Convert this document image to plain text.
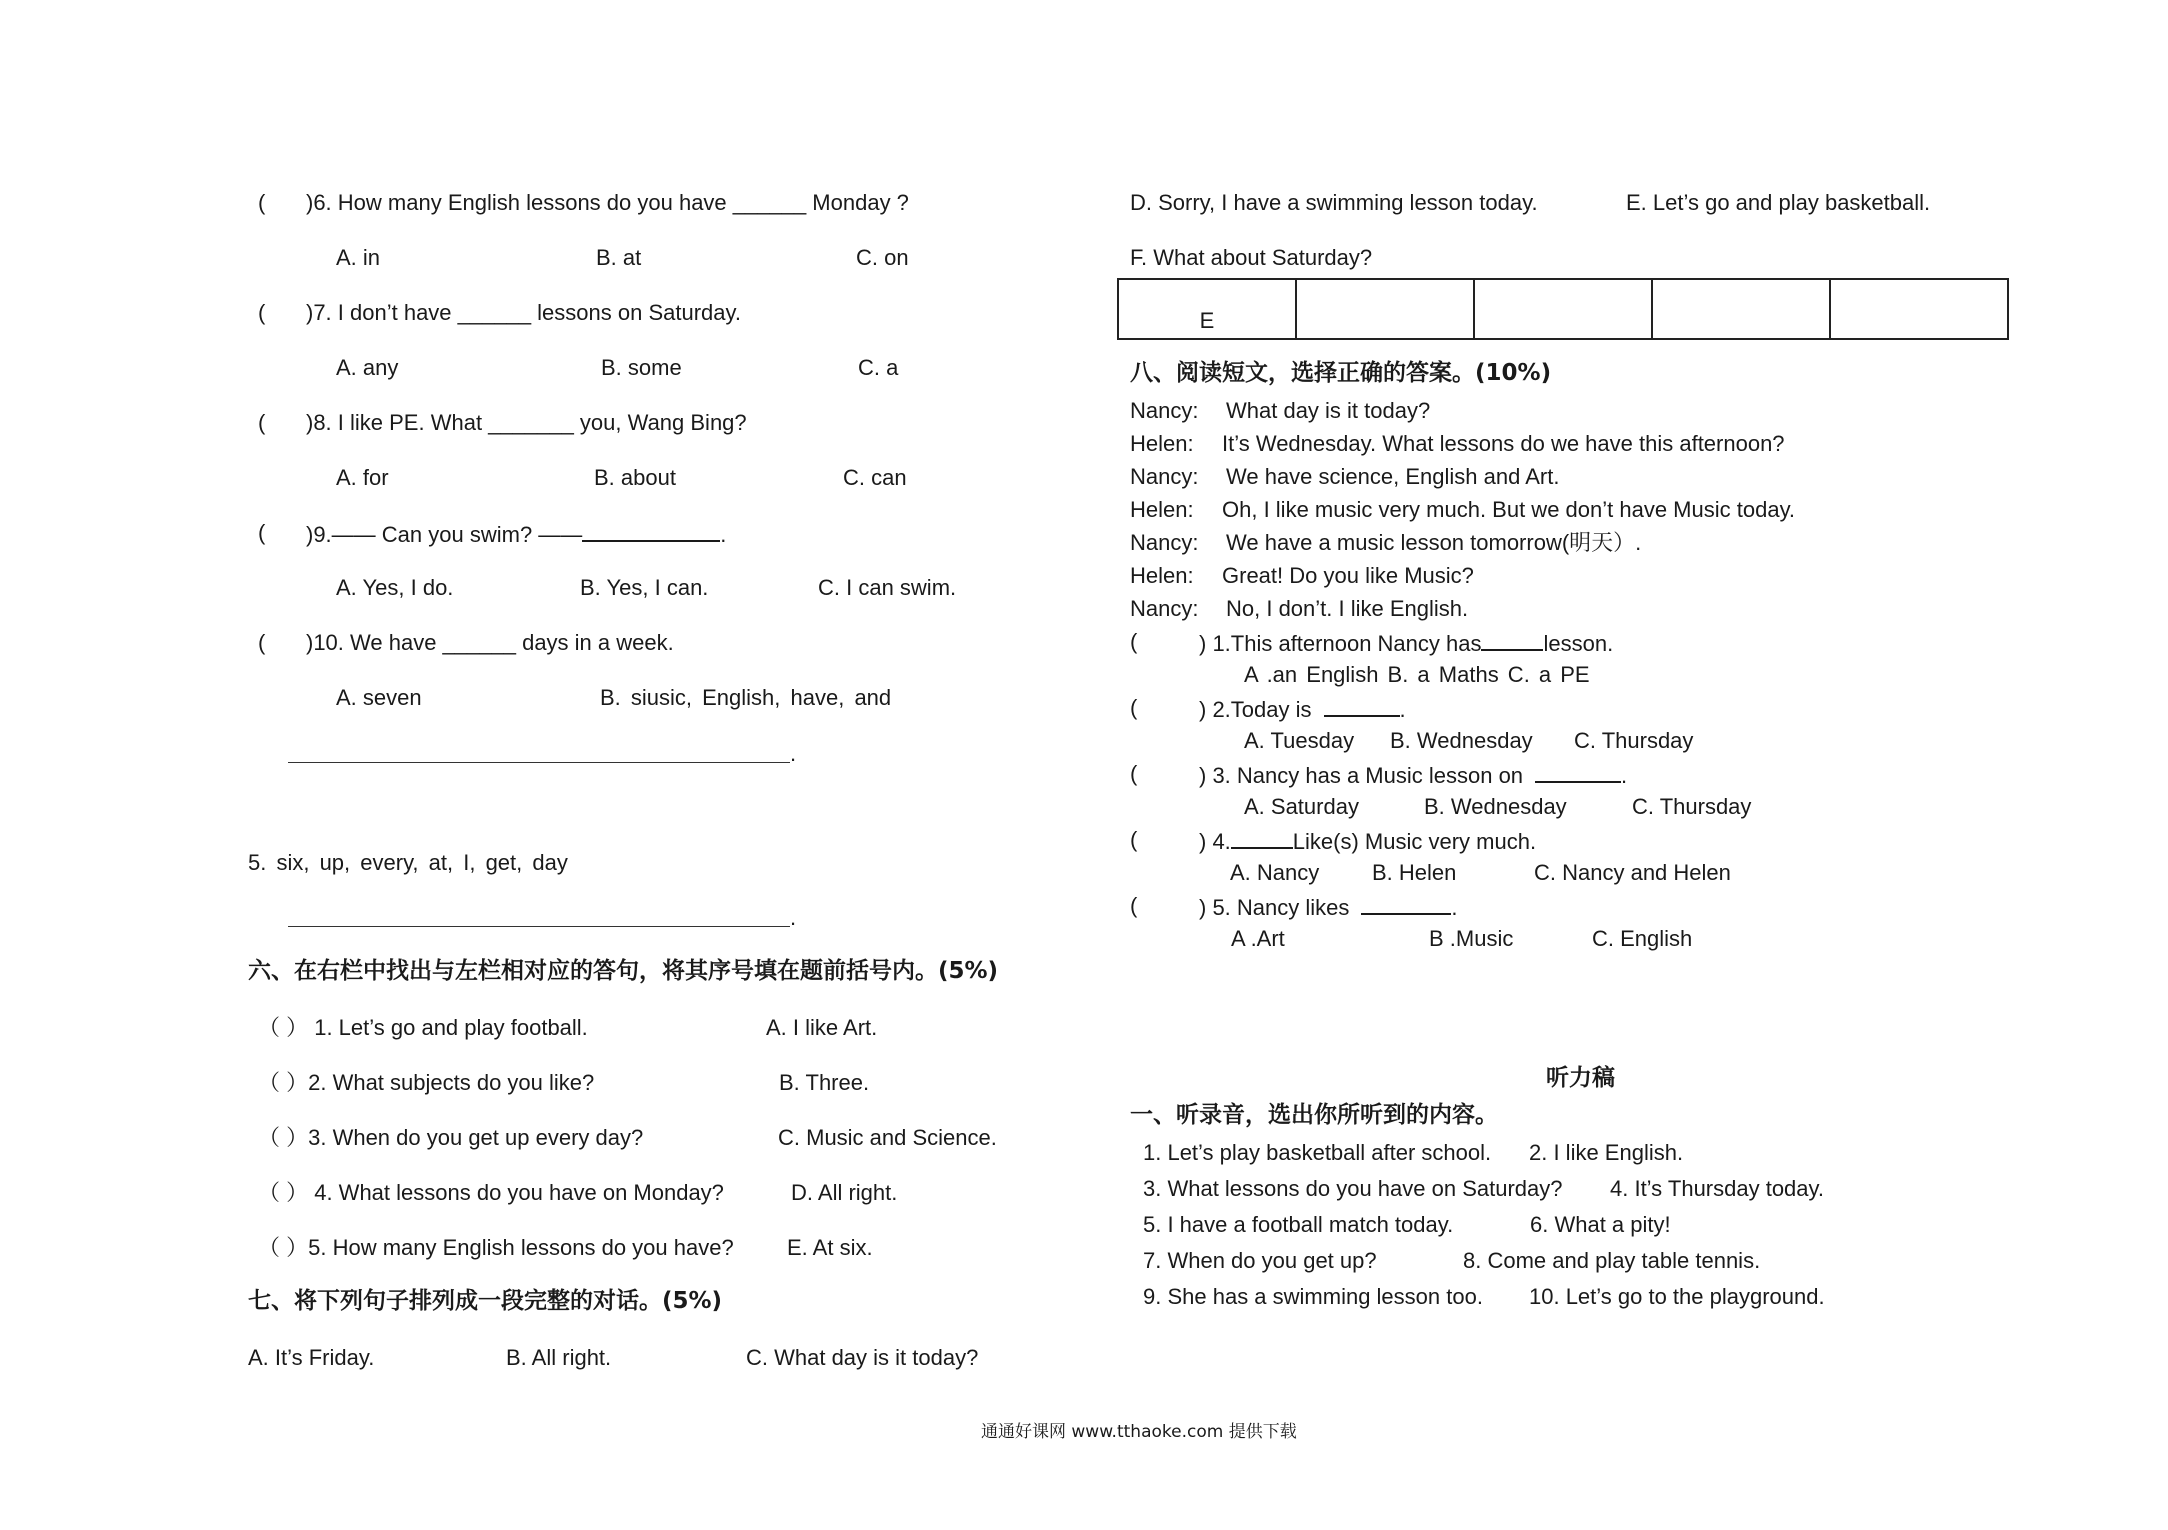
( )6. How many English lessons do you have ______ Monday ?
A. in	B. at	C. on
( )7. I don’t have ______ lessons on Saturday.
A. any	B. some	C. a
( )8. I like PE. What _______ you, Wang Bing?
A. for	B. about	C. can
( )9.—— Can you swim? ——	.
A. Yes, I do.	B. Yes, I can.	C. I can swim.
( )10. We have ______ days in a week.
A. seven	B. siusic, English, have, and
.
5. six, up, every, at, I, get, day
.
六、在右栏中找出与左栏相对应的答句，将其序号填在题前括号内。(5%)
（ ） 1. Let’s go and play football.	A. I like Art.
（ ）2. What subjects do you like?	B. Three.
（ ）3. When do you get up every day?	C. Music and Science.
（ ） 4. What lessons do you have on Monday?	D. All right.
（ ）5. How many English lessons do you have? E. At six.
七、将下列句子排列成一段完整的对话。(5%)
A. It’s Friday.	B. All right.	C. What day is it today?
D. Sorry, I have a swimming lesson today.	E. Let’s go and play basketball.
F. What about Saturday?
E				
八、阅读短文，选择正确的答案。(10%)
Nancy: What day is it today?
Helen: It’s Wednesday. What lessons do we have this afternoon?
Nancy: We have science, English and Art.
Helen: Oh, I like music very much. But we don’t have Music today.
Nancy: We have a music lesson tomorrow(明天）.
Helen: Great! Do you like Music?
Nancy: No, I don’t. I like English.
(	) 1.This afternoon Nancy has	lesson.
A .an English B. a Maths C. a PE
(	) 2.Today is	.
A. Tuesday B. Wednesday C. Thursday
(	) 3. Nancy has a Music lesson on	.
A. Saturday	B. Wednesday	C. Thursday
(	) 4.	Like(s) Music very much.
A. Nancy B. Helen	C. Nancy and Helen
(	) 5. Nancy likes	.
A .Art	B .Music	C. English
听力稿
一、听录音，选出你所听到的内容。
1. Let’s play basketball after school. 2. I like English.
3. What lessons do you have on Saturday? 4. It’s Thursday today.
5. I have a football match today.	6. What a pity!
7. When do you get up?	8. Come and play table tennis.
9. She has a swimming lesson too. 10. Let’s go to the playground.
通通好课网 www.tthaoke.com 提供下载
